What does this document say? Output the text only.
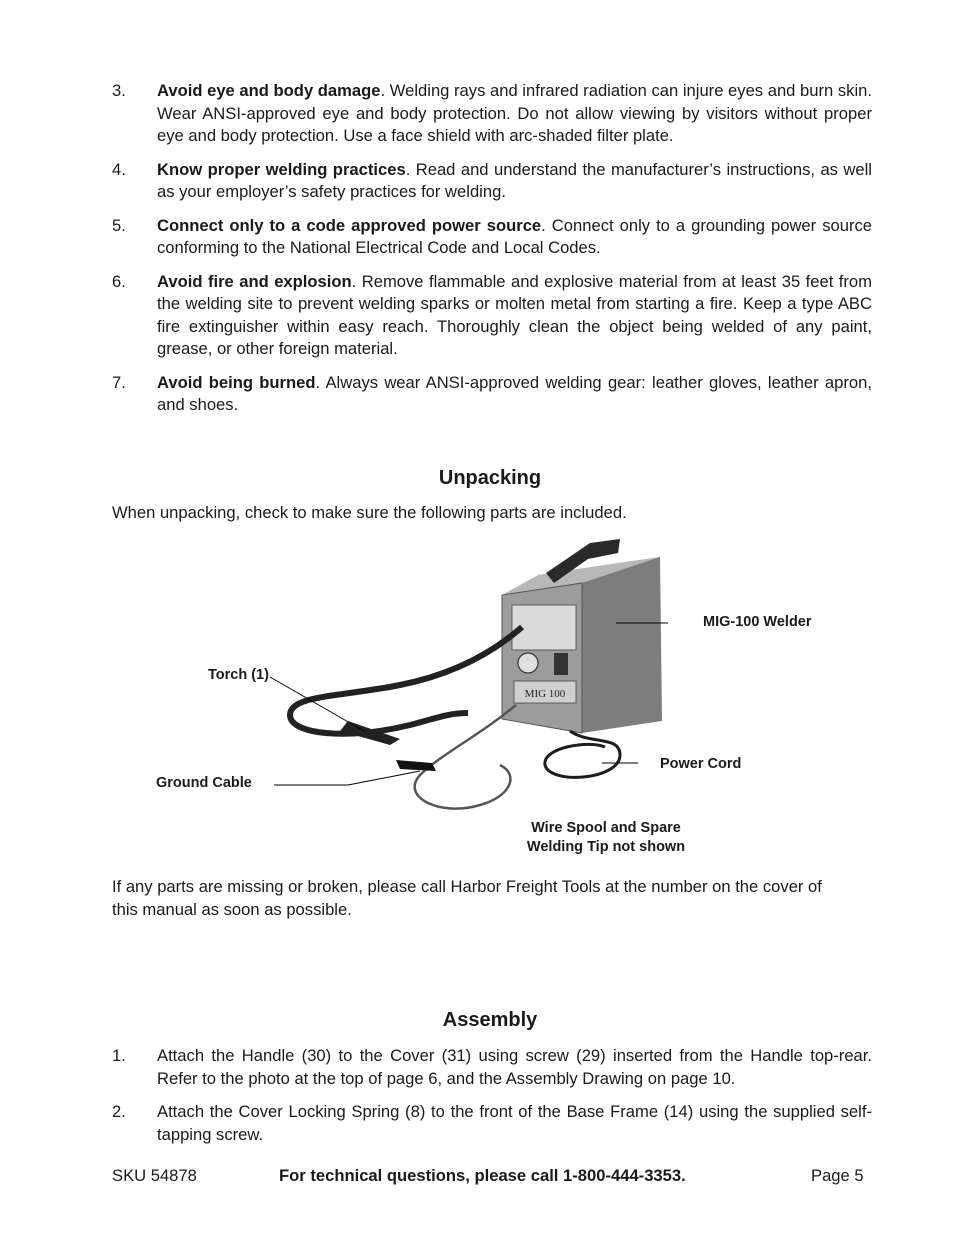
3. Avoid eye and body damage. Welding rays and infrared radiation can injure eyes and burn skin. Wear ANSI-approved eye and body protection. Do not allow viewing by visitors without proper eye and body protection. Use a face shield with arc-shaded filter plate.
4. Know proper welding practices. Read and understand the manufacturer’s instructions, as well as your employer’s safety practices for welding.
5. Connect only to a code approved power source. Connect only to a grounding power source conforming to the National Electrical Code and Local Codes.
6. Avoid fire and explosion. Remove flammable and explosive material from at least 35 feet from the welding site to prevent welding sparks or molten metal from starting a fire. Keep a type ABC fire extinguisher within easy reach. Thoroughly clean the object being welded of any paint, grease, or other foreign material.
7. Avoid being burned. Always wear ANSI-approved welding gear: leather gloves, leather apron, and shoes.
Unpacking
When unpacking, check to make sure the following parts are included.
MIG 100
MIG-100 Welder
Torch (1)
Ground Cable
Power Cord
Wire Spool and Spare
Welding Tip not shown
If any parts are missing or broken, please call Harbor Freight Tools at the number on the cover of this manual as soon as possible.
Assembly
1. Attach the Handle (30) to the Cover (31) using screw (29) inserted from the Handle top-rear. Refer to the photo at the top of page 6, and the Assembly Drawing on page 10.
2. Attach the Cover Locking Spring (8) to the front of the Base Frame (14) using the supplied self-tapping screw.
SKU 54878	For technical questions, please call 1-800-444-3353.	Page 5
